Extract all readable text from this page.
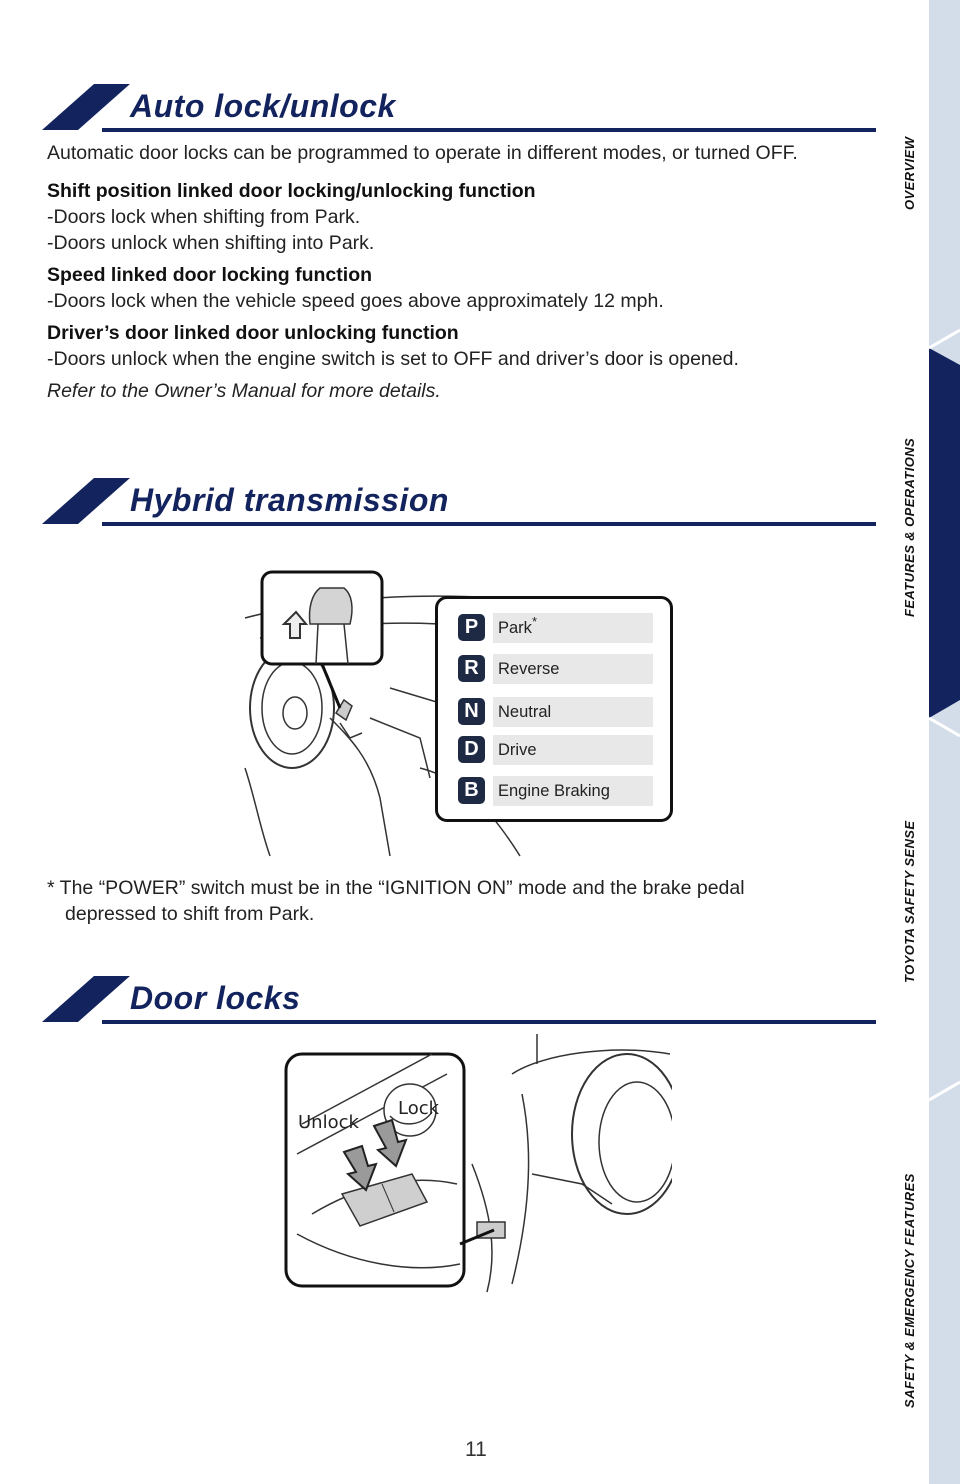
OVERVIEW
FEATURES & OPERATIONS
TOYOTA SAFETY SENSE
SAFETY & EMERGENCY FEATURES
Auto lock/unlock

Automatic door locks can be programmed to operate in different modes, or turned OFF.

Shift position linked door locking/unlocking function

-Doors lock when shifting from Park.

-Doors unlock when shifting into Park.

Speed linked door locking function

-Doors lock when the vehicle speed goes above approximately 12 mph.

Driver’s door linked door unlocking function

-Doors unlock when the engine switch is set to OFF and driver’s door is opened.

Refer to the Owner’s Manual for more details.

Hybrid transmission
P	Park*
R	Reverse
N	Neutral
D	Drive
B	Engine Braking
* The “POWER” switch must be in the “IGNITION ON” mode and the brake pedal
depressed to shift from Park.
Door locks
Unlock
Lock
11
